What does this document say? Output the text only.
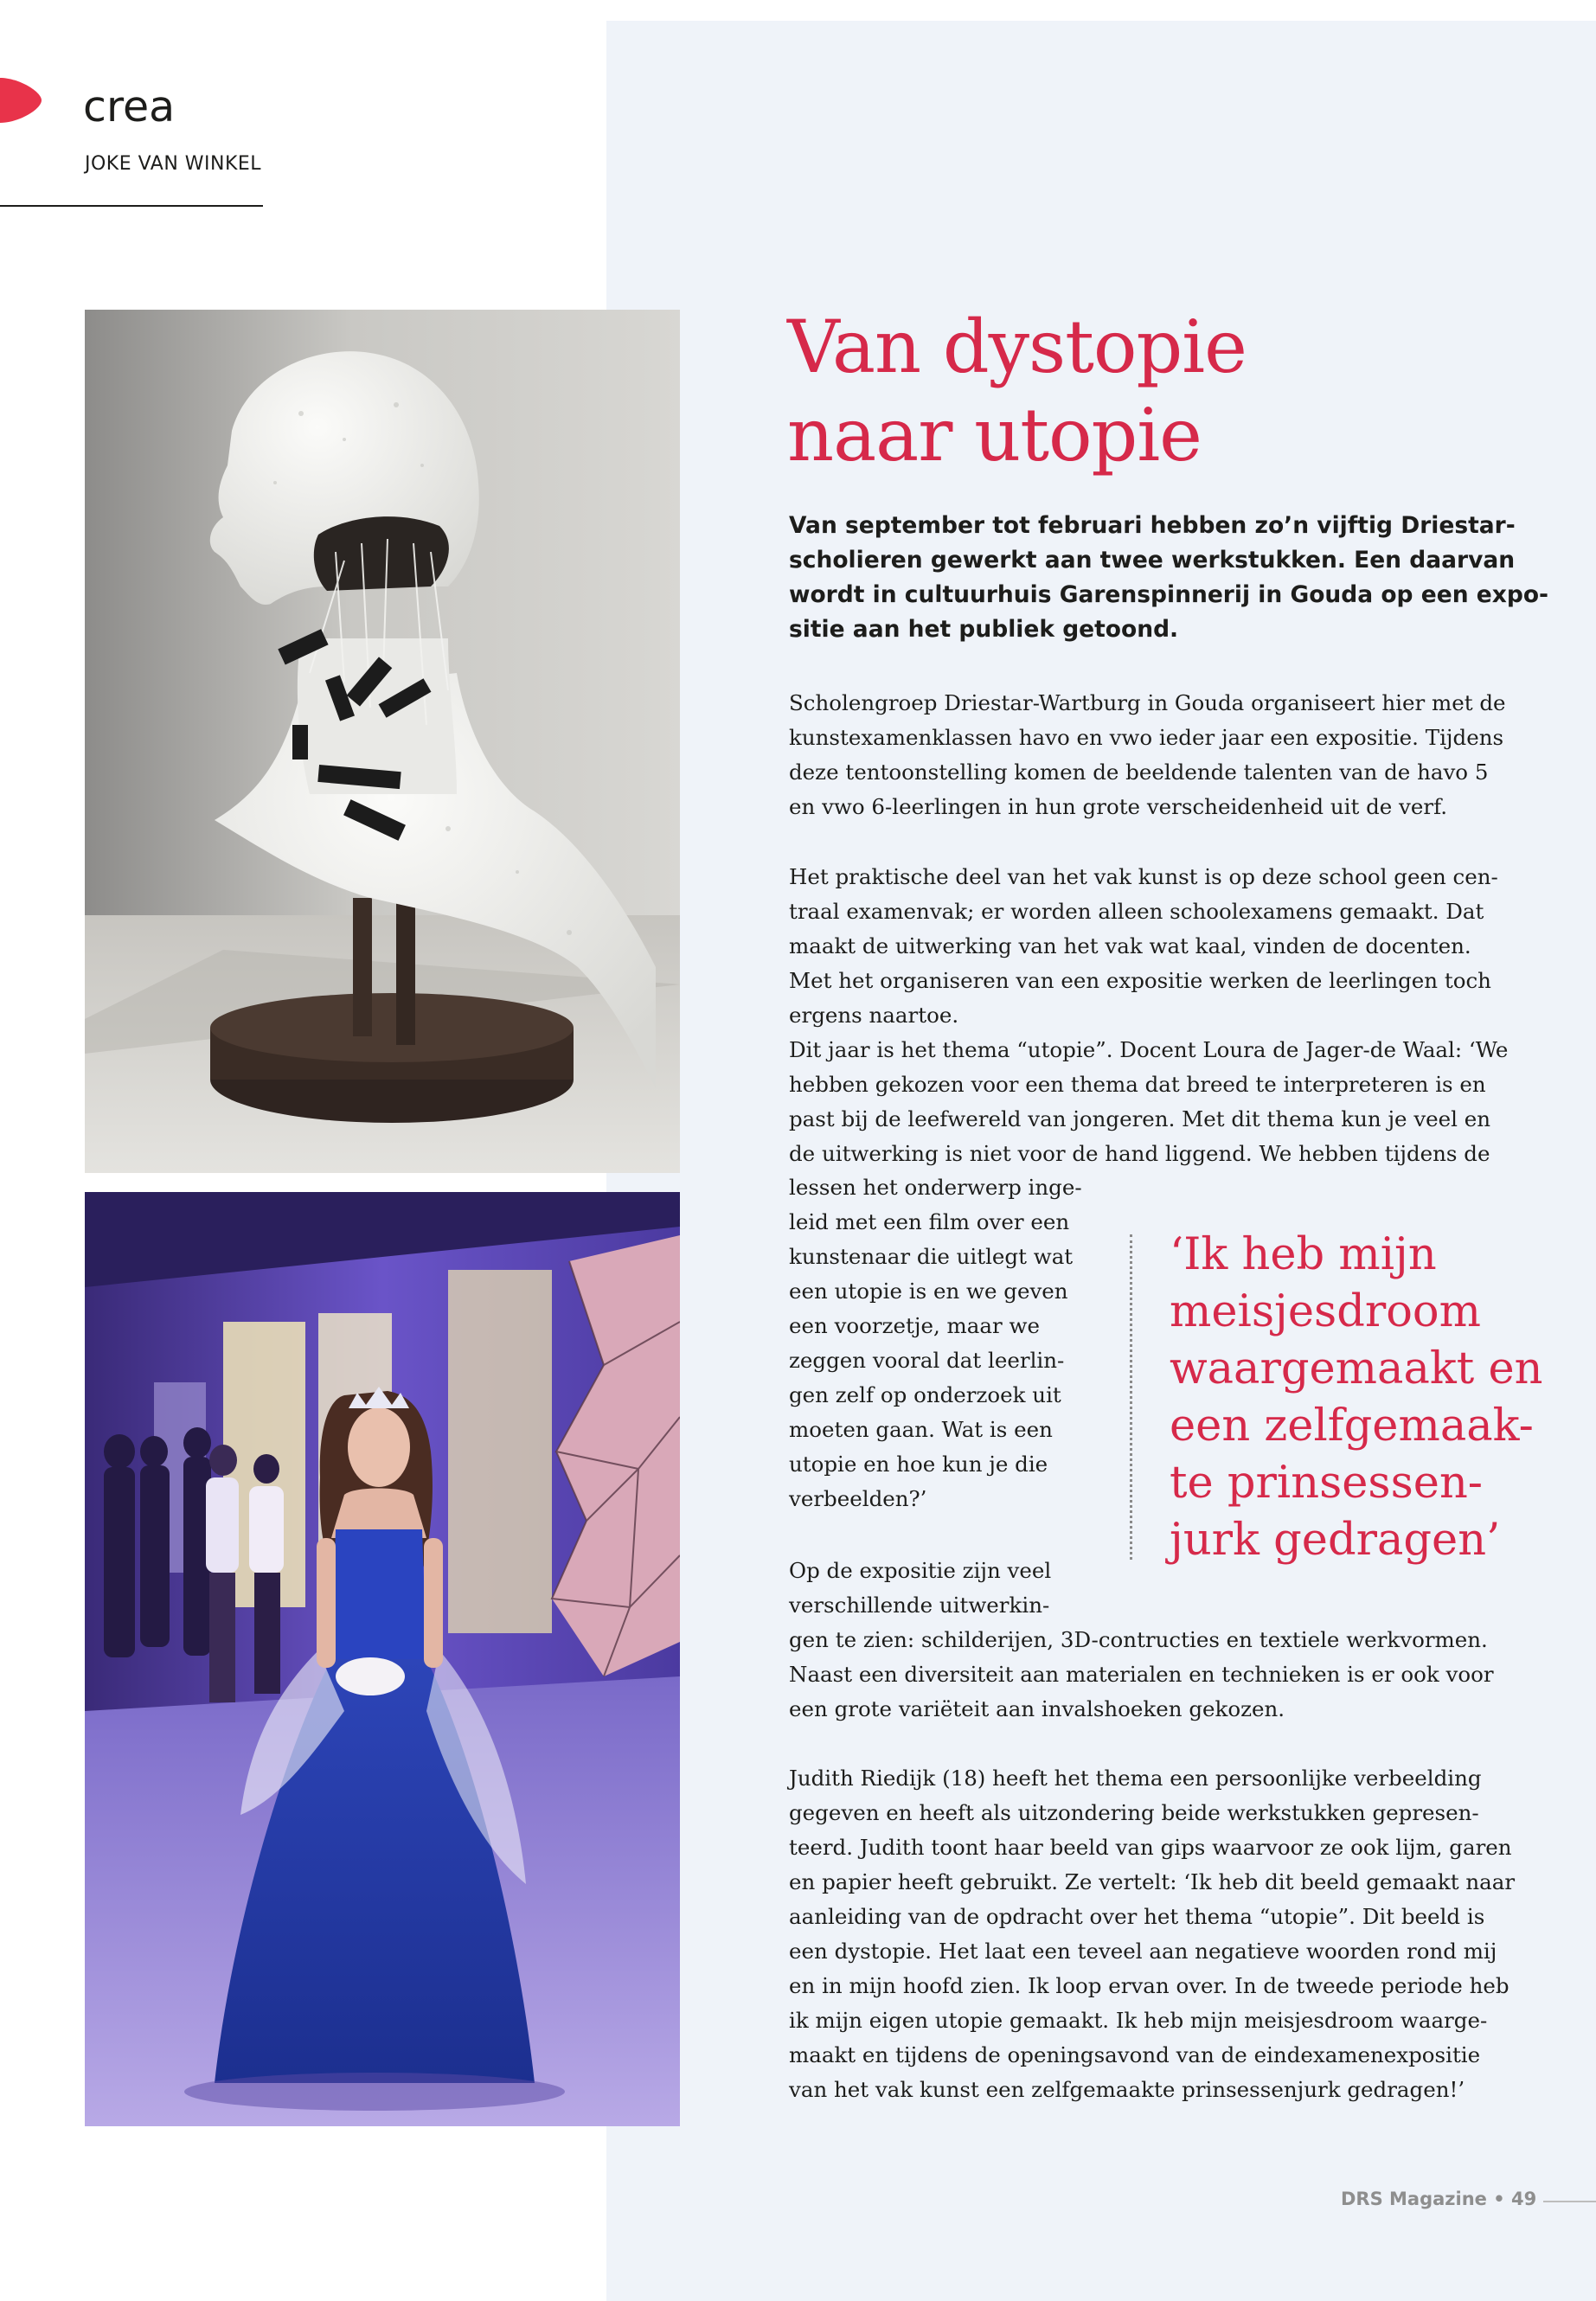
crea
JOKE VAN WINKEL
Van dystopie
naar utopie

Van september tot februari hebben zo’n vijftig Driestar-
scholieren gewerkt aan twee werkstukken. Een daarvan
wordt in cultuurhuis Garenspinnerij in Gouda op een expo-
sitie aan het publiek getoond.

Scholengroep Driestar-Wartburg in Gouda organiseert hier met de
kunstexamenklassen havo en vwo ieder jaar een expositie. Tijdens
deze tentoonstelling komen de beeldende talenten van de havo 5
en vwo 6-leerlingen in hun grote verscheidenheid uit de verf.

Het praktische deel van het vak kunst is op deze school geen cen-
traal examenvak; er worden alleen schoolexamens gemaakt. Dat
maakt de uitwerking van het vak wat kaal, vinden de docenten.
Met het organiseren van een expositie werken de leerlingen toch
ergens naartoe.
Dit jaar is het thema “utopie”. Docent Loura de Jager-de Waal: ‘We
hebben gekozen voor een thema dat breed te interpreteren is en
past bij de leefwereld van jongeren. Met dit thema kun je veel en
de uitwerking is niet voor de hand liggend. We hebben tijdens de

lessen het onderwerp inge-
leid met een film over een
kunstenaar die uitlegt wat
een utopie is en we geven
een voorzetje, maar we
zeggen vooral dat leerlin-
gen zelf op onderzoek uit
moeten gaan. Wat is een
utopie en hoe kun je die
verbeelden?’

‘Ik heb mijn
meisjesdroom
waargemaakt en
een zelfgemaak-
te prinsessen-
jurk gedragen’

Op de expositie zijn veel
verschillende uitwerkin-
gen te zien: schilderijen, 3D-contructies en textiele werkvormen.
Naast een diversiteit aan materialen en technieken is er ook voor
een grote variëteit aan invalshoeken gekozen.

Judith Riedijk (18) heeft het thema een persoonlijke verbeelding
gegeven en heeft als uitzondering beide werkstukken gepresen-
teerd. Judith toont haar beeld van gips waarvoor ze ook lijm, garen
en papier heeft gebruikt. Ze vertelt: ‘Ik heb dit beeld gemaakt naar
aanleiding van de opdracht over het thema “utopie”. Dit beeld is
een dystopie. Het laat een teveel aan negatieve woorden rond mij
en in mijn hoofd zien. Ik loop ervan over. In de tweede periode heb
ik mijn eigen utopie gemaakt. Ik heb mijn meisjesdroom waarge-
maakt en tijdens de openingsavond van de eindexamenexpositie
van het vak kunst een zelfgemaakte prinsessenjurk gedragen!’

DRS Magazine • 49
